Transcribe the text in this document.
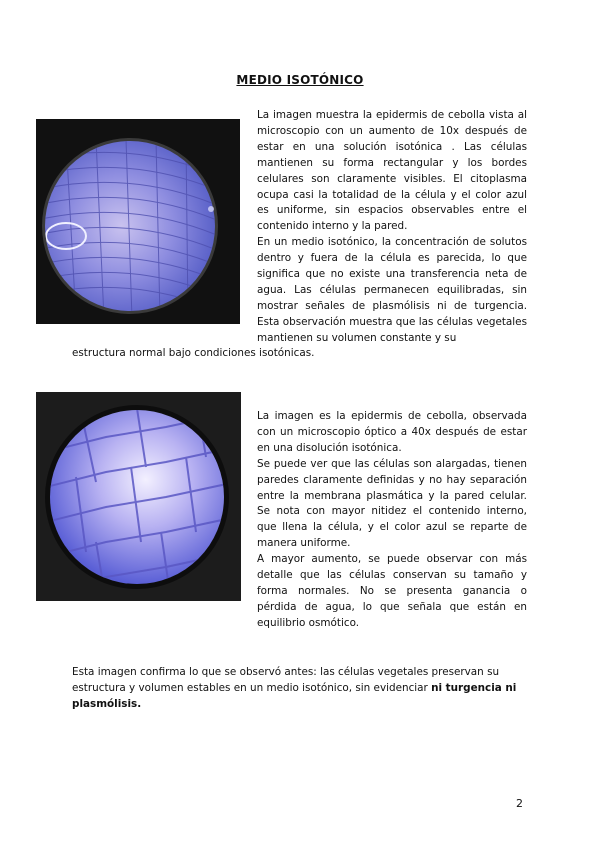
MEDIO ISOTÓNICO

La imagen muestra la epidermis de cebolla vista al microscopio con un aumento de 10x después de estar en una solución isotónica . Las células mantienen su forma rectangular y los bordes celulares son claramente visibles. El citoplasma ocupa casi la totalidad de la célula y el color azul es uniforme, sin espacios observables entre el contenido interno y la pared.
En un medio isotónico, la concentración de solutos dentro y fuera de la célula es parecida, lo que significa que no existe una transferencia neta de agua. Las células permanecen equilibradas, sin mostrar señales de plasmólisis ni de turgencia. Esta observación muestra que las células vegetales mantienen su volumen constante y su

estructura normal bajo condiciones isotónicas.

La imagen es la epidermis de cebolla, observada con un microscopio óptico a 40x después de estar en una disolución isotónica.
Se puede ver que las células son alargadas, tienen paredes claramente definidas y no hay separación entre la membrana plasmática y la pared celular. Se nota con mayor nitidez el contenido interno, que llena la célula, y el color azul se reparte de manera uniforme.
A mayor aumento, se puede observar con más detalle que las células conservan su tamaño y forma normales. No se presenta ganancia o pérdida de agua, lo que señala que están en equilibrio osmótico.

Esta imagen confirma lo que se observó antes: las células vegetales preservan su estructura y volumen estables en un medio isotónico, sin evidenciar ni turgencia ni plasmólisis.

2
